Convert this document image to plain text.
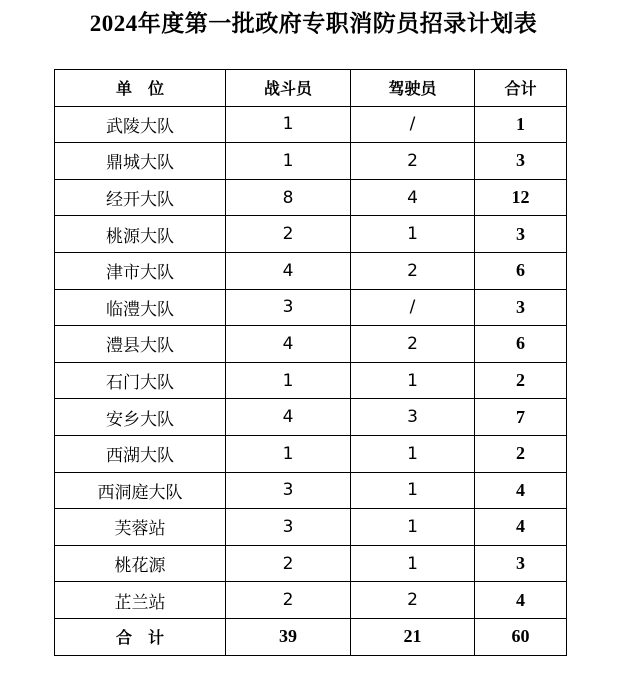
2024年度第一批政府专职消防员招录计划表
单　位	战斗员	驾驶员	合计
武陵大队	1	/	1
鼎城大队	1	2	3
经开大队	8	4	12
桃源大队	2	1	3
津市大队	4	2	6
临澧大队	3	/	3
澧县大队	4	2	6
石门大队	1	1	2
安乡大队	4	3	7
西湖大队	1	1	2
西洞庭大队	3	1	4
芙蓉站	3	1	4
桃花源	2	1	3
芷兰站	2	2	4
合　计	39	21	60
